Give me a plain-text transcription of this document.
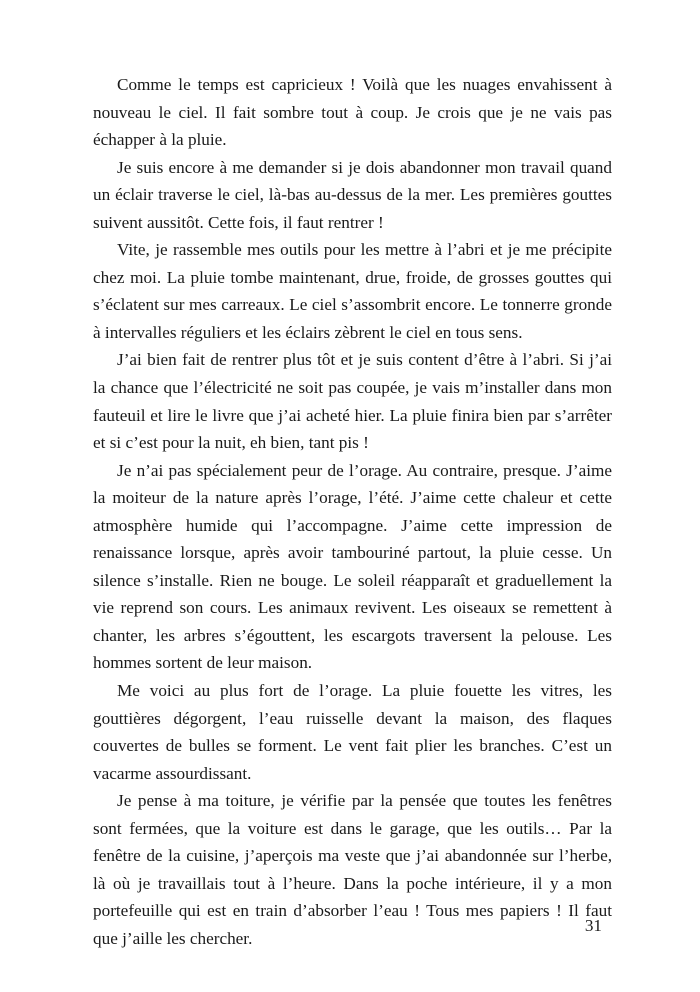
Comme le temps est capricieux ! Voilà que les nuages envahissent à nouveau le ciel. Il fait sombre tout à coup. Je crois que je ne vais pas échapper à la pluie.

Je suis encore à me demander si je dois abandonner mon travail quand un éclair traverse le ciel, là-bas au-dessus de la mer. Les premières gouttes suivent aussitôt. Cette fois, il faut rentrer !

Vite, je rassemble mes outils pour les mettre à l’abri et je me précipite chez moi. La pluie tombe maintenant, drue, froide, de grosses gouttes qui s’éclatent sur mes carreaux. Le ciel s’assombrit encore. Le tonnerre gronde à intervalles réguliers et les éclairs zèbrent le ciel en tous sens.

J’ai bien fait de rentrer plus tôt et je suis content d’être à l’abri. Si j’ai la chance que l’électricité ne soit pas coupée, je vais m’installer dans mon fauteuil et lire le livre que j’ai acheté hier. La pluie finira bien par s’arrêter et si c’est pour la nuit, eh bien, tant pis !

Je n’ai pas spécialement peur de l’orage. Au contraire, presque. J’aime la moiteur de la nature après l’orage, l’été. J’aime cette chaleur et cette atmosphère humide qui l’accompagne. J’aime cette impression de renaissance lorsque, après avoir tambouriné partout, la pluie cesse. Un silence s’installe. Rien ne bouge. Le soleil réapparaît et graduellement la vie reprend son cours. Les animaux revivent. Les oiseaux se remettent à chanter, les arbres s’égouttent, les escargots traversent la pelouse. Les hommes sortent de leur maison.

Me voici au plus fort de l’orage. La pluie fouette les vitres, les gouttières dégorgent, l’eau ruisselle devant la maison, des flaques couvertes de bulles se forment. Le vent fait plier les branches. C’est un vacarme assourdissant.

Je pense à ma toiture, je vérifie par la pensée que toutes les fenêtres sont fermées, que la voiture est dans le garage, que les outils… Par la fenêtre de la cuisine, j’aperçois ma veste que j’ai abandonnée sur l’herbe, là où je travaillais tout à l’heure. Dans la poche intérieure, il y a mon portefeuille qui est en train d’absorber l’eau ! Tous mes papiers ! Il faut que j’aille les chercher.

31
